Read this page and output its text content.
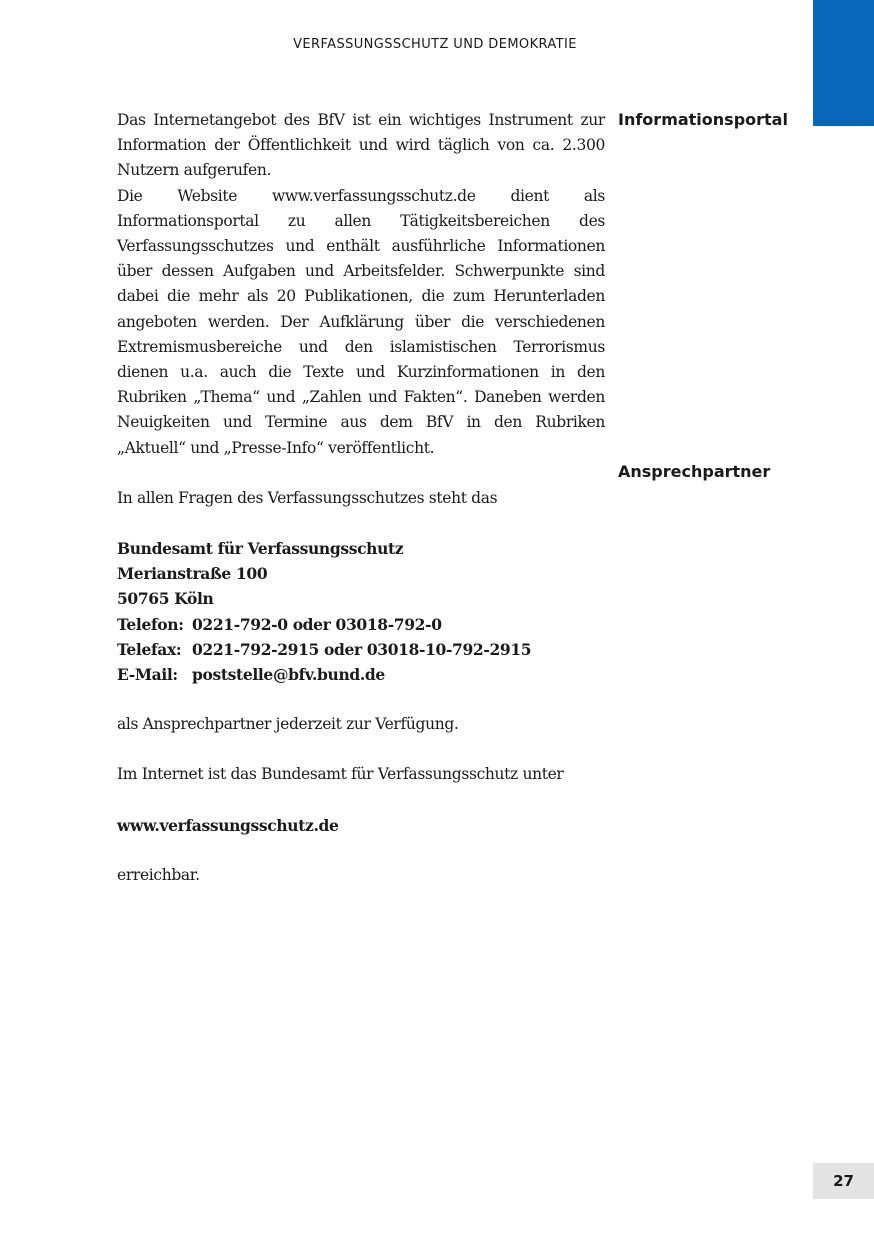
VERFASSUNGSSCHUTZ UND DEMOKRATIE
Informationsportal
Ansprechpartner

Das Internetangebot des BfV ist ein wichtiges Instrument zur Information der Öffentlichkeit und wird täglich von ca. 2.300 Nutzern aufgerufen.

Die Website www.verfassungsschutz.de dient als Informationsportal zu allen Tätigkeitsbereichen des Verfassungsschutzes und enthält ausführliche Informationen über dessen Aufgaben und Arbeitsfelder. Schwerpunkte sind dabei die mehr als 20 Publikationen, die zum Herunterladen angeboten werden. Der Aufklärung über die verschiedenen Extremismusbereiche und den islamistischen Terrorismus dienen u.a. auch die Texte und Kurzinformationen in den Rubriken „Thema“ und „Zahlen und Fakten“. Daneben werden Neuigkeiten und Termine aus dem BfV in den Rubriken „Aktuell“ und „Presse-Info“ veröffentlicht.

In allen Fragen des Verfassungsschutzes steht das

Bundesamt für Verfassungsschutz

Merianstraße 100

50765 Köln

Telefon: 0221-792-0 oder 03018-792-0
Telefax: 0221-792-2915 oder 03018-10-792-2915
E-Mail: poststelle@bfv.bund.de

als Ansprechpartner jederzeit zur Verfügung.

Im Internet ist das Bundesamt für Verfassungsschutz unter

www.verfassungsschutz.de

erreichbar.

27
